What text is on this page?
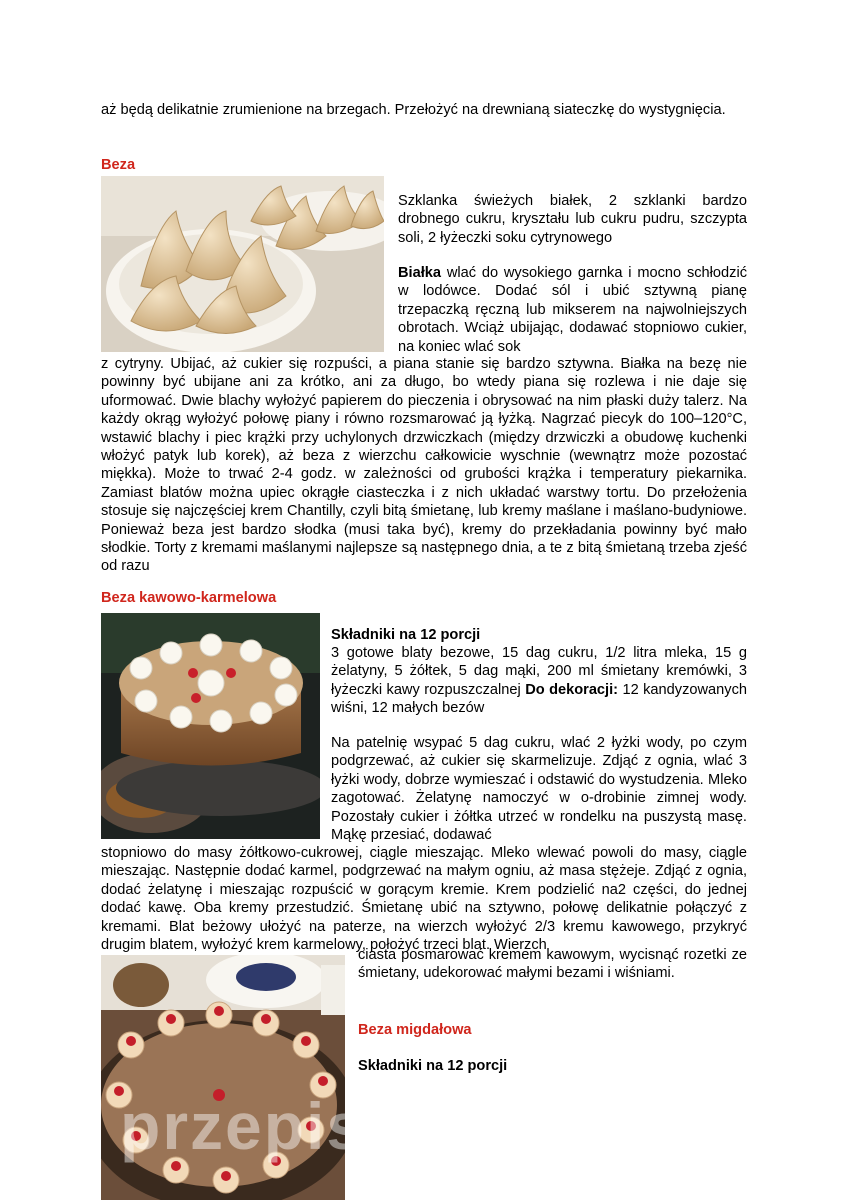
aż będą delikatnie zrumienione na brzegach. Przełożyć na drewnianą siateczkę do wystygnięcia.

Beza

Szklanka świeżych białek, 2 szklanki bardzo drobnego cukru, kryształu lub cukru pudru, szczypta soli, 2 łyżeczki soku cytrynowego

Białka wlać do wysokiego garnka i mocno schłodzić w lodówce. Dodać sól i ubić sztywną pianę trzepaczką ręczną lub mikserem na najwolniejszych obrotach. Wciąż ubijając, dodawać stopniowo cukier, na koniec wlać sok

z cytryny. Ubijać, aż cukier się rozpuści, a piana stanie się bardzo sztywna. Białka na bezę nie powinny być ubijane ani za krótko, ani za długo, bo wtedy piana się rozlewa i nie daje się uformować. Dwie blachy wyłożyć papierem do pieczenia i obrysować na nim płaski duży talerz. Na każdy okrąg wyłożyć połowę piany i równo rozsmarować ją łyżką. Nagrzać piecyk do 100–120°C, wstawić blachy i piec krążki przy uchylonych drzwiczkach (między drzwiczki a obudowę kuchenki włożyć patyk lub korek), aż beza z wierzchu całkowicie wyschnie (wewnątrz może pozostać miękka). Może to trwać 2-4 godz. w zależności od grubości krążka i temperatury piekarnika. Zamiast blatów można upiec okrągłe ciasteczka i z nich układać warstwy tortu. Do przełożenia stosuje się najczęściej krem Chantilly, czyli bitą śmietanę, lub kremy maślane i maślano-budyniowe. Ponieważ beza jest bardzo słodka (musi taka być), kremy do przekładania powinny być mało słodkie. Torty z kremami maślanymi najlepsze są następnego dnia, a te z bitą śmietaną trzeba zjeść od razu

Beza kawowo-karmelowa

Składniki na 12 porcji

3 gotowe blaty bezowe, 15 dag cukru, 1/2 litra mleka, 15 g żelatyny, 5 żółtek, 5 dag mąki, 200 ml śmietany kremówki, 3 łyżeczki kawy rozpuszczalnej Do dekoracji: 12 kandyzowanych wiśni, 12 małych bezów

Na patelnię wsypać 5 dag cukru, wlać 2 łyżki wody, po czym podgrzewać, aż cukier się skarmelizuje. Zdjąć z ognia, wlać 3 łyżki wody, dobrze wymieszać i odstawić do wystudzenia. Mleko zagotować. Żelatynę namoczyć w o-drobinie zimnej wody. Pozostały cukier i żółtka utrzeć w rondelku na puszystą masę. Mąkę przesiać, dodawać

stopniowo do masy żółtkowo-cukrowej, ciągle mieszając. Mleko wlewać powoli do masy, ciągle mieszając. Następnie dodać karmel, podgrzewać na małym ogniu, aż masa stężeje. Zdjąć z ognia, dodać żelatynę i mieszając rozpuścić w gorącym kremie. Krem podzielić na2 części, do jednej dodać kawę. Oba kremy przestudzić. Śmietanę ubić na sztywno, połowę delikatnie połączyć z kremami. Blat beżowy ułożyć na paterze, na wierzch wyłożyć 2/3 kremu kawowego, przykryć drugim blatem, wyłożyć krem karmelowy, położyć trzeci blat. Wierzch

ciasta posmarować kremem kawowym, wycisnąć rozetki ze śmietany, udekorować małymi bezami i wiśniami.

Beza migdałowa

Składniki na 12 porcji

przepisydomowe.pl
